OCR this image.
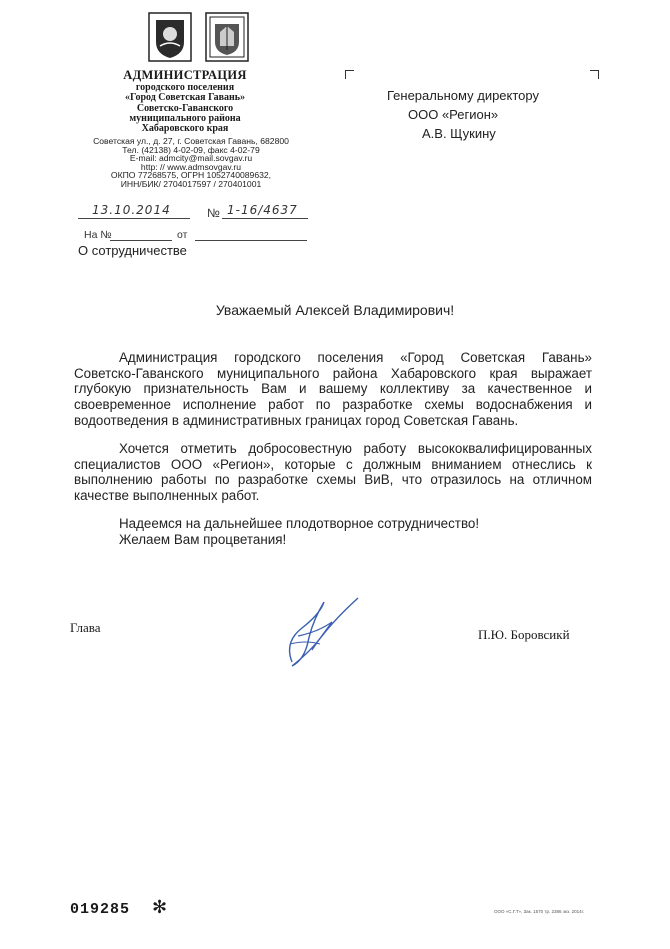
АДМИНИСТРАЦИЯ
городского поселения
«Город Советская Гавань»
Советско-Гаванского
муниципального района
Хабаровского края
Советская ул., д. 27, г. Советская Гавань, 682800
Тел. (42138) 4-02-09, факс 4-02-79
E-mail: admcity@mail.sovgav.ru
http: // www.admsovgav.ru
ОКПО 77268575, ОГРН 1052740089632,
ИНН/БИК/ 2704017597 / 270401001
13.10.2014	№ 1-16/4637
На №	от
О сотрудничестве
Генеральному директору
ООО «Регион»
А.В. Щукину
Уважаемый Алексей Владимирович!

Администрация городского поселения «Город Советская Гавань» Советско-Гаванского муниципального района Хабаровского края выражает глубокую признательность Вам и вашему коллективу за качественное и своевременное исполнение работ по разработке схемы водоснабжения и водоотведения в административных границах город Советская Гавань.

Хочется отметить добросовестную работу высококвалифицированных специалистов ООО «Регион», которые с должным вниманием отнеслись к выполнению работы по разработке схемы ВиВ, что отразилось на отличном качестве выполненных работ.

Надеемся на дальнейшее плодотворное сотрудничество!

Желаем Вам процветания!

Глава	П.Ю. Боровсикй
019285 ✻	ООО «С.Г.Т», Зак. 1570 тр. 2386 экз. 2014г.
